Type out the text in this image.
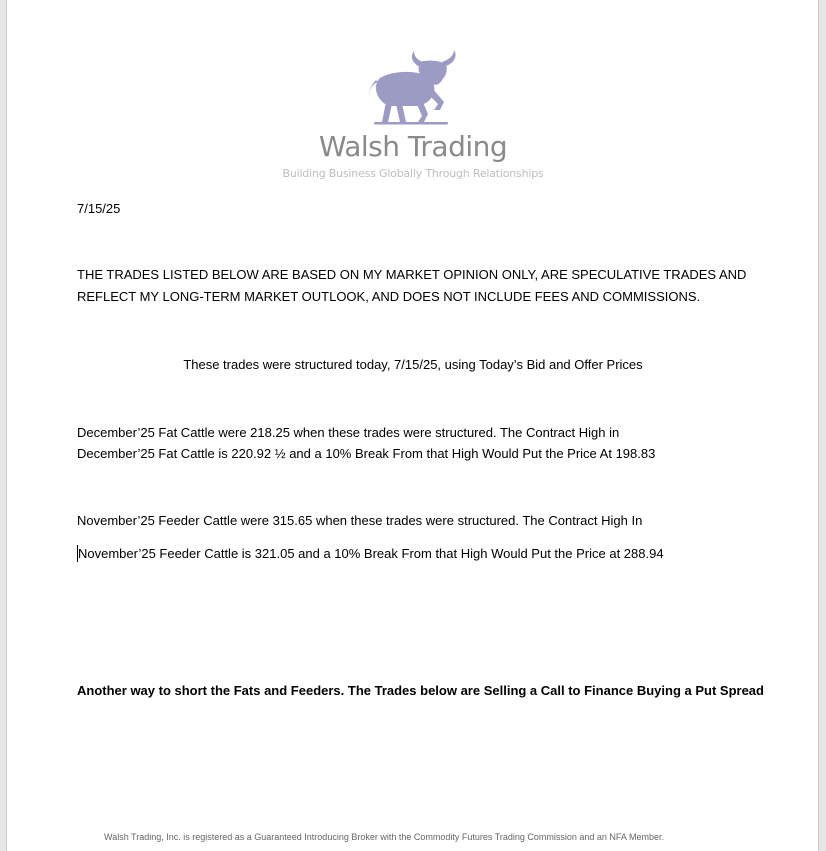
Walsh Trading
Building Business Globally Through Relationships
7/15/25
THE TRADES LISTED BELOW ARE BASED ON MY MARKET OPINION ONLY, ARE SPECULATIVE TRADES AND
REFLECT MY LONG-TERM MARKET OUTLOOK, AND DOES NOT INCLUDE FEES AND COMMISSIONS.
These trades were structured today, 7/15/25, using Today’s Bid and Offer Prices
December’25 Fat Cattle were 218.25 when these trades were structured. The Contract High in
December’25 Fat Cattle is 220.92 ½ and a 10% Break From that High Would Put the Price At 198.83
November’25 Feeder Cattle were 315.65 when these trades were structured. The Contract High In
November’25 Feeder Cattle is 321.05 and a 10% Break From that High Would Put the Price at 288.94
Another way to short the Fats and Feeders. The Trades below are Selling a Call to Finance Buying a Put Spread
Walsh Trading, Inc. is registered as a Guaranteed Introducing Broker with the Commodity Futures Trading Commission and an NFA Member.
